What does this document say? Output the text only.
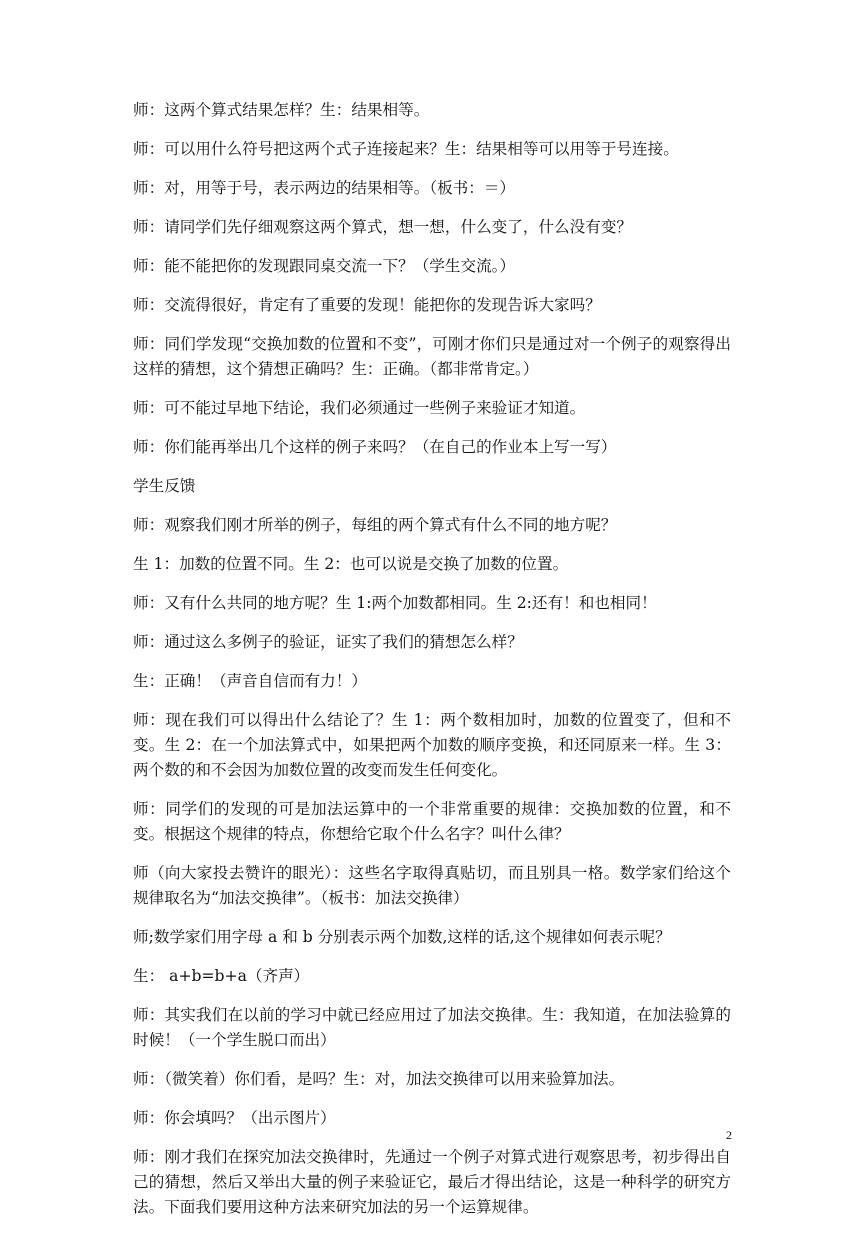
师：这两个算式结果怎样？生：结果相等。

师：可以用什么符号把这两个式子连接起来？生：结果相等可以用等于号连接。

师：对，用等于号，表示两边的结果相等。（板书：＝）

师：请同学们先仔细观察这两个算式，想一想，什么变了，什么没有变？

师：能不能把你的发现跟同桌交流一下？（学生交流。）

师：交流得很好，肯定有了重要的发现！能把你的发现告诉大家吗？

师：同们学发现“交换加数的位置和不变”，可刚才你们只是通过对一个例子的观察得出这样的猜想，这个猜想正确吗？生：正确。（都非常肯定。）

师：可不能过早地下结论，我们必须通过一些例子来验证才知道。

师：你们能再举出几个这样的例子来吗？（在自己的作业本上写一写）

学生反馈

师：观察我们刚才所举的例子，每组的两个算式有什么不同的地方呢？

生 1：加数的位置不同。生 2：也可以说是交换了加数的位置。

师：又有什么共同的地方呢？生 1:两个加数都相同。生 2:还有！和也相同！

师：通过这么多例子的验证，证实了我们的猜想怎么样？

生：正确！（声音自信而有力！）

师：现在我们可以得出什么结论了？生 1：两个数相加时，加数的位置变了，但和不变。生 2：在一个加法算式中，如果把两个加数的顺序变换，和还同原来一样。生 3：两个数的和不会因为加数位置的改变而发生任何变化。

师：同学们的发现的可是加法运算中的一个非常重要的规律：交换加数的位置，和不变。根据这个规律的特点，你想给它取个什么名字？叫什么律？

师（向大家投去赞许的眼光）：这些名字取得真贴切，而且别具一格。数学家们给这个规律取名为“加法交换律”。（板书：加法交换律）

师;数学家们用字母 a 和 b 分别表示两个加数,这样的话,这个规律如何表示呢？

生： a+b=b+a（齐声）

师：其实我们在以前的学习中就已经应用过了加法交换律。生：我知道，在加法验算的时候！（一个学生脱口而出）

师：（微笑着）你们看，是吗？生：对，加法交换律可以用来验算加法。

师：你会填吗？（出示图片）

师：刚才我们在探究加法交换律时，先通过一个例子对算式进行观察思考，初步得出自己的猜想，然后又举出大量的例子来验证它，最后才得出结论，这是一种科学的研究方法。下面我们要用这种方法来研究加法的另一个运算规律。

2
